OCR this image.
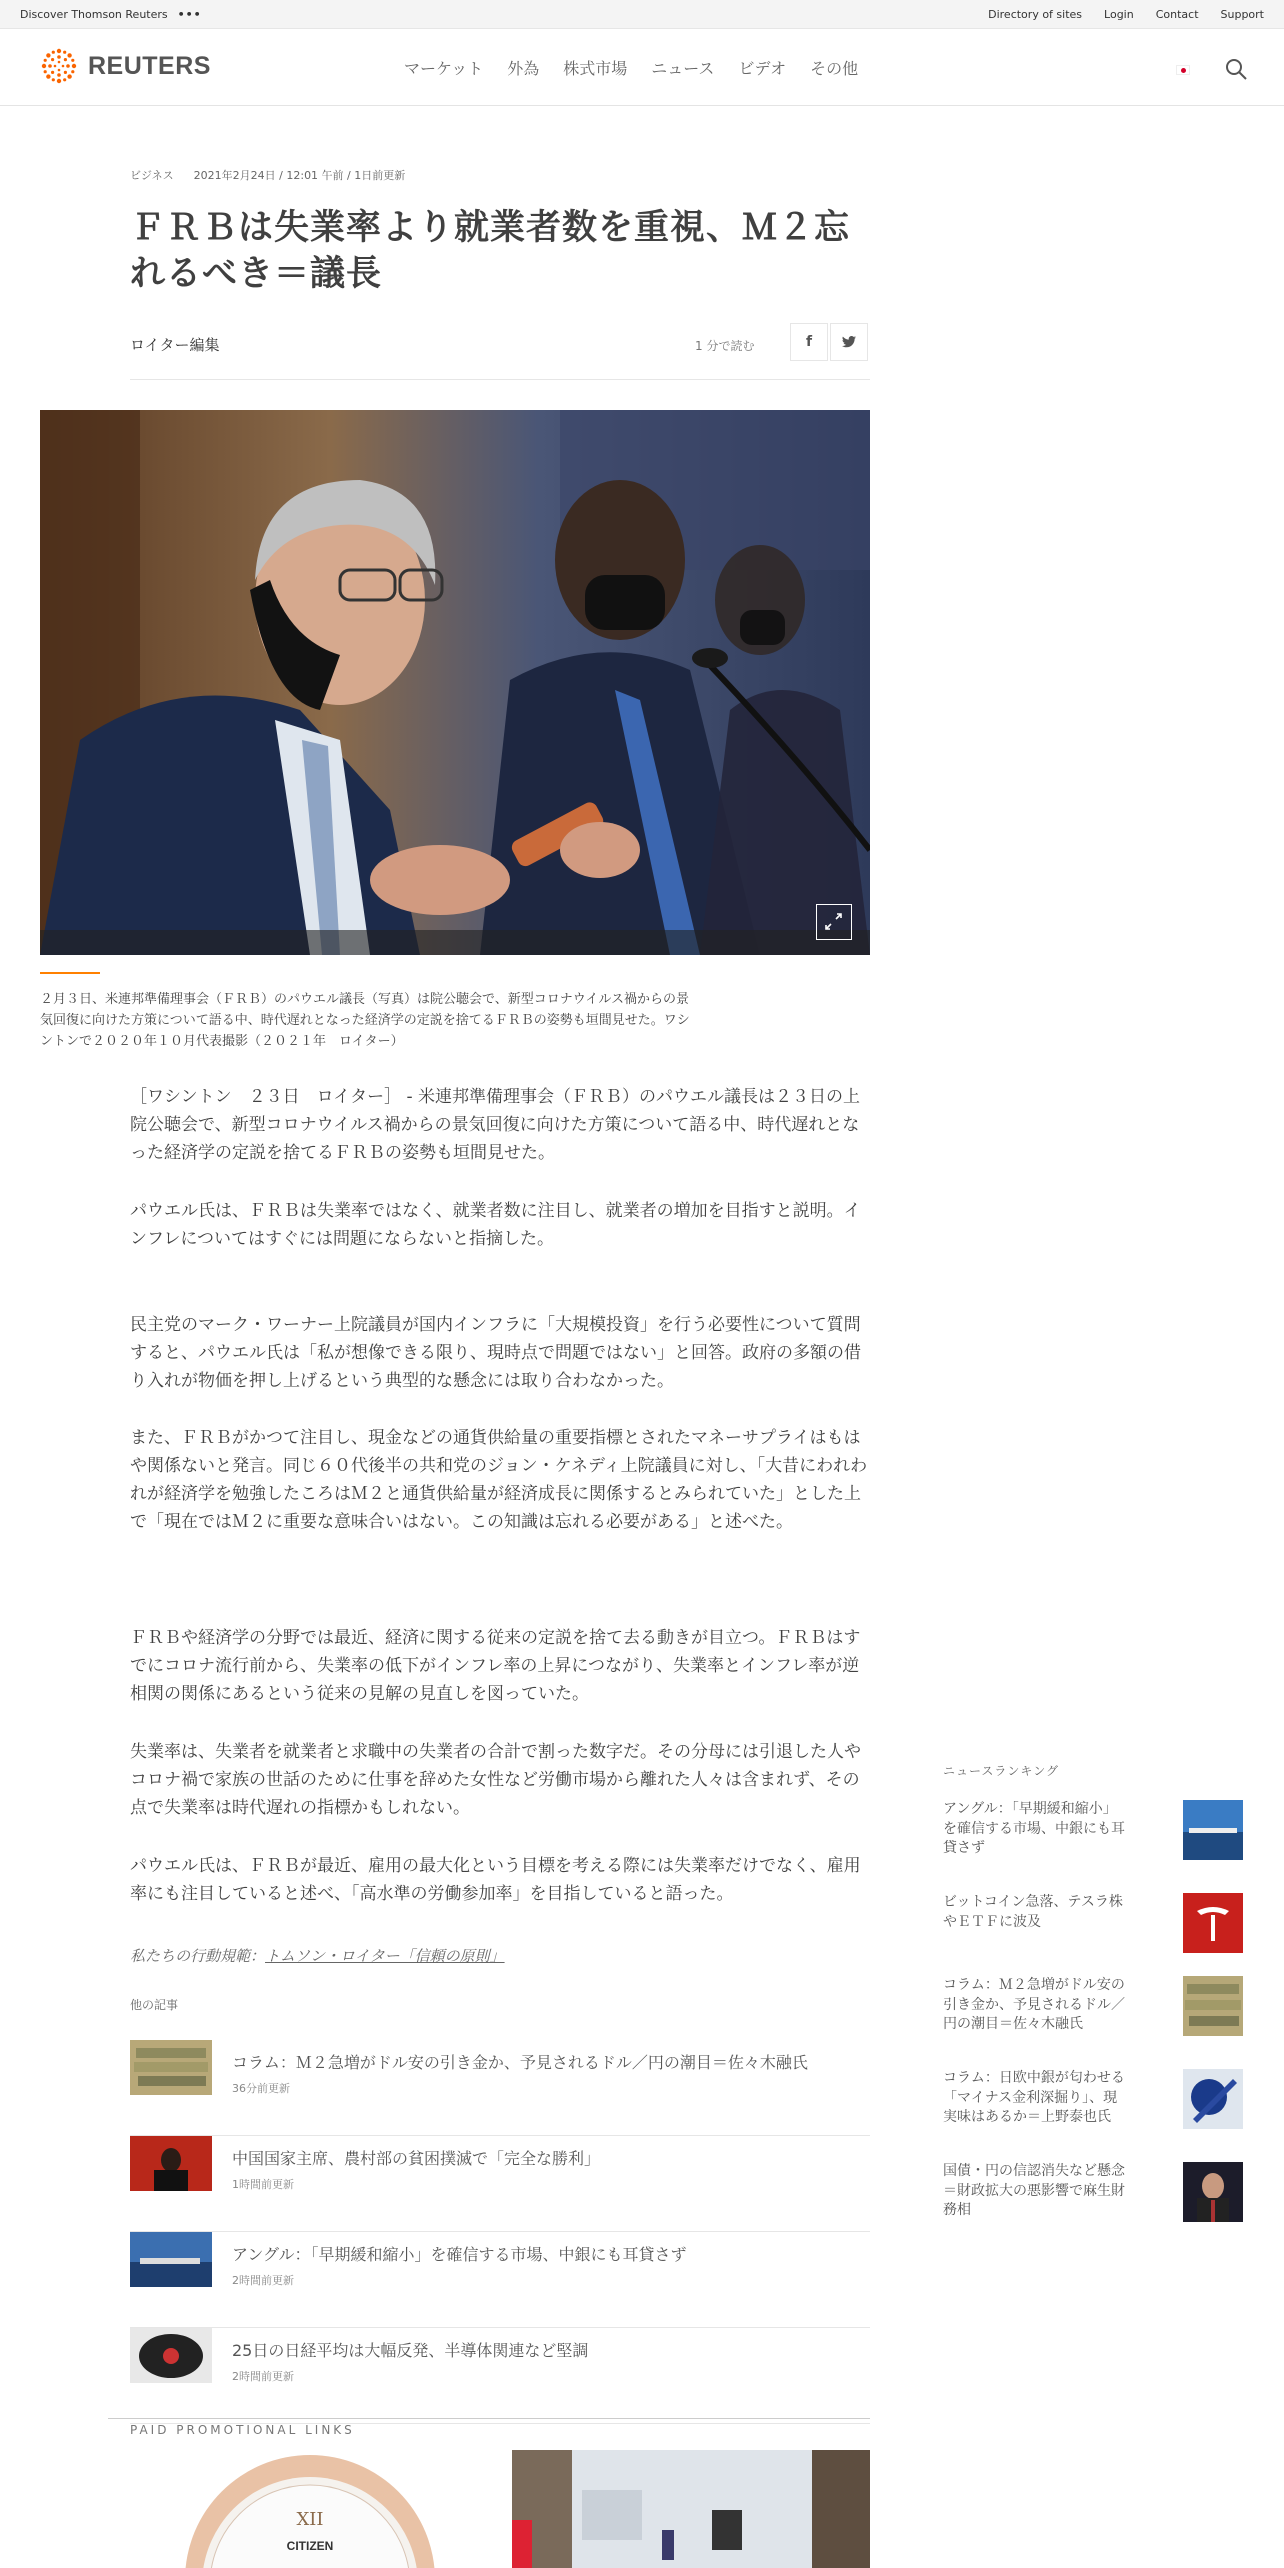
Discover Thomson Reuters •••	Directory of sites Login Contact Support
REUTERS	マーケット 外為 株式市場 ニュース ビデオ その他
ビジネス 2021年2月24日 / 12:01 午前 / 1日前更新
ＦＲＢは失業率より就業者数を重視、Ｍ２忘れるべき＝議長
ロイター編集	1 分で読む	f

２月３日、米連邦準備理事会（ＦＲＢ）のパウエル議長（写真）は院公聴会で、新型コロナウイルス禍からの景気回復に向けた方策について語る中、時代遅れとなった経済学の定説を捨てるＦＲＢの姿勢も垣間見せた。ワシントンで２０２０年１０月代表撮影（２０２１年　ロイター）

［ワシントン　２３日　ロイター］ - 米連邦準備理事会（ＦＲＢ）のパウエル議長は２３日の上院公聴会で、新型コロナウイルス禍からの景気回復に向けた方策について語る中、時代遅れとなった経済学の定説を捨てるＦＲＢの姿勢も垣間見せた。

パウエル氏は、ＦＲＢは失業率ではなく、就業者数に注目し、就業者の増加を目指すと説明。インフレについてはすぐには問題にならないと指摘した。

民主党のマーク・ワーナー上院議員が国内インフラに「大規模投資」を行う必要性について質問すると、パウエル氏は「私が想像できる限り、現時点で問題ではない」と回答。政府の多額の借り入れが物価を押し上げるという典型的な懸念には取り合わなかった。

また、ＦＲＢがかつて注目し、現金などの通貨供給量の重要指標とされたマネーサプライはもはや関係ないと発言。同じ６０代後半の共和党のジョン・ケネディ上院議員に対し、「大昔にわれわれが経済学を勉強したころはＭ２と通貨供給量が経済成長に関係するとみられていた」とした上で「現在ではＭ２に重要な意味合いはない。この知識は忘れる必要がある」と述べた。

ＦＲＢや経済学の分野では最近、経済に関する従来の定説を捨て去る動きが目立つ。ＦＲＢはすでにコロナ流行前から、失業率の低下がインフレ率の上昇につながり、失業率とインフレ率が逆相関の関係にあるという従来の見解の見直しを図っていた。

失業率は、失業者を就業者と求職中の失業者の合計で割った数字だ。その分母には引退した人やコロナ禍で家族の世話のために仕事を辞めた女性など労働市場から離れた人々は含まれず、その点で失業率は時代遅れの指標かもしれない。

パウエル氏は、ＦＲＢが最近、雇用の最大化という目標を考える際には失業率だけでなく、雇用率にも注目していると述べ、「高水準の労働参加率」を目指していると語った。

私たちの行動規範：トムソン・ロイター「信頼の原則」

他の記事
コラム：Ｍ２急増がドル安の引き金か、予見されるドル／円の潮目＝佐々木融氏
36分前更新
中国国家主席、農村部の貧困撲滅で「完全な勝利」
1時間前更新
アングル：「早期緩和縮小」を確信する市場、中銀にも耳貸さず
2時間前更新
25日の日経平均は大幅反発、半導体関連など堅調
2時間前更新
PAID PROMOTIONAL LINKS
XII
CITIZEN
ニュースランキング
アングル：「早期緩和縮小」を確信する市場、中銀にも耳貸さず
ビットコイン急落、テスラ株やＥＴＦに波及
コラム：Ｍ２急増がドル安の引き金か、予見されるドル／円の潮目＝佐々木融氏
コラム：日欧中銀が匂わせる「マイナス金利深掘り」、現実味はあるか＝上野泰也氏
国債・円の信認消失など懸念＝財政拡大の悪影響で麻生財務相
